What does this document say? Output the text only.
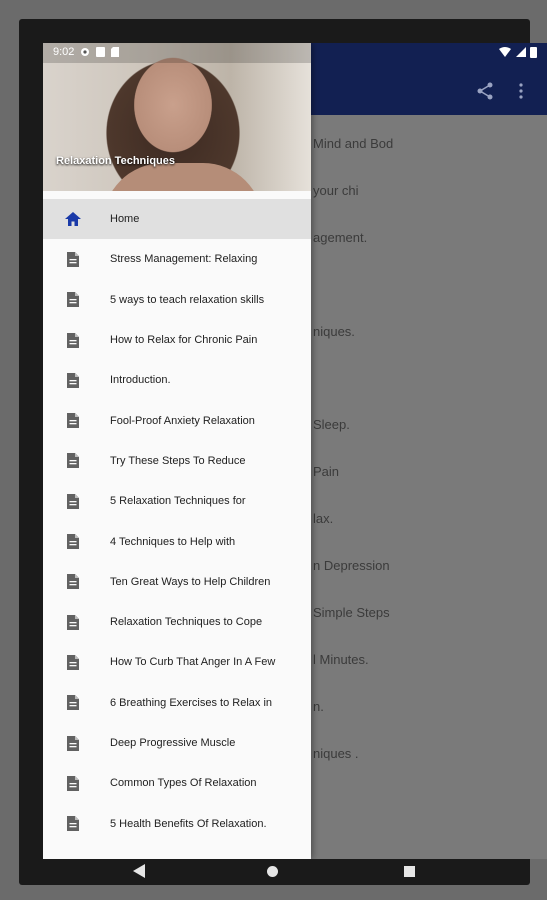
Mind and Bod
your chi
agement.
niques.
Sleep.
Pain
lax.
n Depression
Simple Steps
l Minutes.
n.
niques .
9:02
Relaxation Techniques
Home
Stress Management: Relaxing
5 ways to teach relaxation skills
How to Relax for Chronic Pain
Introduction.
Fool-Proof Anxiety Relaxation
Try These Steps To Reduce
5 Relaxation Techniques for
4 Techniques to Help with
Ten Great Ways to Help Children
Relaxation Techniques to Cope
How To Curb That Anger In A Few
6 Breathing Exercises to Relax in
Deep Progressive Muscle
Common Types Of Relaxation
5 Health Benefits Of Relaxation.
